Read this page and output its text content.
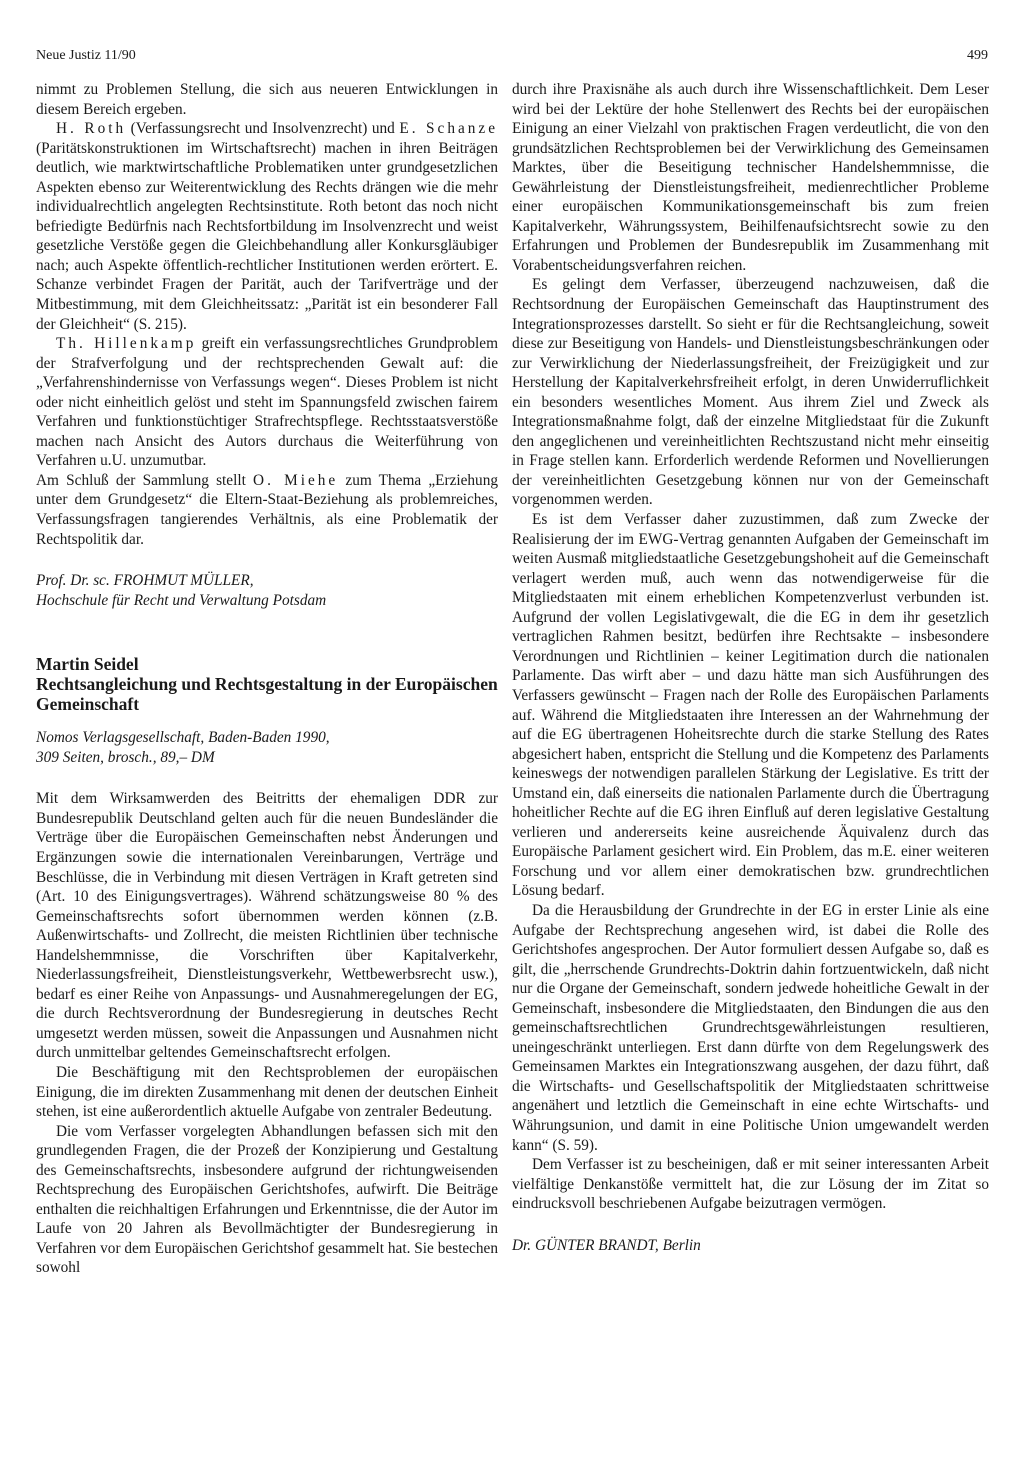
Neue Justiz 11/90	499

nimmt zu Problemen Stellung, die sich aus neueren Entwicklungen in diesem Bereich ergeben.

H. Roth (Verfassungsrecht und Insolvenzrecht) und E. Schanze (Paritätskonstruktionen im Wirtschaftsrecht) machen in ihren Beiträgen deutlich, wie marktwirtschaftliche Problematiken unter grundgesetzlichen Aspekten ebenso zur Weiterentwicklung des Rechts drängen wie die mehr individualrechtlich angelegten Rechtsinstitute. Roth betont das noch nicht befriedigte Bedürfnis nach Rechtsfortbildung im Insolvenzrecht und weist gesetzliche Verstöße gegen die Gleichbehandlung aller Konkursgläubiger nach; auch Aspekte öffentlich-rechtlicher Institutionen werden erörtert. E. Schanze verbindet Fragen der Parität, auch der Tarifverträge und der Mitbestimmung, mit dem Gleichheitssatz: „Parität ist ein besonderer Fall der Gleichheit“ (S. 215).

Th. Hillenkamp greift ein verfassungsrechtliches Grundproblem der Strafverfolgung und der rechtsprechenden Gewalt auf: die „Verfahrenshindernisse von Verfassungs wegen“. Dieses Problem ist nicht oder nicht einheitlich gelöst und steht im Spannungsfeld zwischen fairem Verfahren und funktionstüchtiger Strafrechtspflege. Rechtsstaatsverstöße machen nach Ansicht des Autors durchaus die Weiterführung von Verfahren u.U. unzumutbar.

Am Schluß der Sammlung stellt O. Miehe zum Thema „Erziehung unter dem Grundgesetz“ die Eltern-Staat-Beziehung als problemreiches, Verfassungsfragen tangierendes Verhältnis, als eine Problematik der Rechtspolitik dar.

Prof. Dr. sc. FROHMUT MÜLLER,

Hochschule für Recht und Verwaltung Potsdam

Martin Seidel
Rechtsangleichung und Rechtsgestaltung in der Europäischen Gemeinschaft

Nomos Verlagsgesellschaft, Baden-Baden 1990,

309 Seiten, brosch., 89,– DM

Mit dem Wirksamwerden des Beitritts der ehemaligen DDR zur Bundesrepublik Deutschland gelten auch für die neuen Bundesländer die Verträge über die Europäischen Gemeinschaften nebst Änderungen und Ergänzungen sowie die internationalen Vereinbarungen, Verträge und Beschlüsse, die in Verbindung mit diesen Verträgen in Kraft getreten sind (Art. 10 des Einigungsvertrages). Während schätzungsweise 80 % des Gemeinschaftsrechts sofort übernommen werden können (z.B. Außenwirtschafts- und Zollrecht, die meisten Richtlinien über technische Handelshemmnisse, die Vorschriften über Kapitalverkehr, Niederlassungsfreiheit, Dienstleistungsverkehr, Wettbewerbsrecht usw.), bedarf es einer Reihe von Anpassungs- und Ausnahmeregelungen der EG, die durch Rechtsverordnung der Bundesregierung in deutsches Recht umgesetzt werden müssen, soweit die Anpassungen und Ausnahmen nicht durch unmittelbar geltendes Gemeinschaftsrecht erfolgen.

Die Beschäftigung mit den Rechtsproblemen der europäischen Einigung, die im direkten Zusammenhang mit denen der deutschen Einheit stehen, ist eine außerordentlich aktuelle Aufgabe von zentraler Bedeutung.

Die vom Verfasser vorgelegten Abhandlungen befassen sich mit den grundlegenden Fragen, die der Prozeß der Konzipierung und Gestaltung des Gemeinschaftsrechts, insbesondere aufgrund der richtungweisenden Rechtsprechung des Europäischen Gerichtshofes, aufwirft. Die Beiträge enthalten die reichhaltigen Erfahrungen und Erkenntnisse, die der Autor im Laufe von 20 Jahren als Bevollmächtigter der Bundesregierung in Verfahren vor dem Europäischen Gerichtshof gesammelt hat. Sie bestechen sowohl

durch ihre Praxisnähe als auch durch ihre Wissenschaftlichkeit. Dem Leser wird bei der Lektüre der hohe Stellenwert des Rechts bei der europäischen Einigung an einer Vielzahl von praktischen Fragen verdeutlicht, die von den grundsätzlichen Rechtsproblemen bei der Verwirklichung des Gemeinsamen Marktes, über die Beseitigung technischer Handelshemmnisse, die Gewährleistung der Dienstleistungsfreiheit, medienrechtlicher Probleme einer europäischen Kommunikationsgemeinschaft bis zum freien Kapitalverkehr, Währungssystem, Beihilfenaufsichtsrecht sowie zu den Erfahrungen und Problemen der Bundesrepublik im Zusammenhang mit Vorabentscheidungsverfahren reichen.

Es gelingt dem Verfasser, überzeugend nachzuweisen, daß die Rechtsordnung der Europäischen Gemeinschaft das Hauptinstrument des Integrationsprozesses darstellt. So sieht er für die Rechtsangleichung, soweit diese zur Beseitigung von Handels- und Dienstleistungsbeschränkungen oder zur Verwirklichung der Niederlassungsfreiheit, der Freizügigkeit und zur Herstellung der Kapitalverkehrsfreiheit erfolgt, in deren Unwiderruflichkeit ein besonders wesentliches Moment. Aus ihrem Ziel und Zweck als Integrationsmaßnahme folgt, daß der einzelne Mitgliedstaat für die Zukunft den angeglichenen und vereinheitlichten Rechtszustand nicht mehr einseitig in Frage stellen kann. Erforderlich werdende Reformen und Novellierungen der vereinheitlichten Gesetzgebung können nur von der Gemeinschaft vorgenommen werden.

Es ist dem Verfasser daher zuzustimmen, daß zum Zwecke der Realisierung der im EWG-Vertrag genannten Aufgaben der Gemeinschaft im weiten Ausmaß mitgliedstaatliche Gesetzgebungshoheit auf die Gemeinschaft verlagert werden muß, auch wenn das notwendigerweise für die Mitgliedstaaten mit einem erheblichen Kompetenzverlust verbunden ist. Aufgrund der vollen Legislativgewalt, die die EG in dem ihr gesetzlich vertraglichen Rahmen besitzt, bedürfen ihre Rechtsakte – insbesondere Verordnungen und Richtlinien – keiner Legitimation durch die nationalen Parlamente. Das wirft aber – und dazu hätte man sich Ausführungen des Verfassers gewünscht – Fragen nach der Rolle des Europäischen Parlaments auf. Während die Mitgliedstaaten ihre Interessen an der Wahrnehmung der auf die EG übertragenen Hoheitsrechte durch die starke Stellung des Rates abgesichert haben, entspricht die Stellung und die Kompetenz des Parlaments keineswegs der notwendigen parallelen Stärkung der Legislative. Es tritt der Umstand ein, daß einerseits die nationalen Parlamente durch die Übertragung hoheitlicher Rechte auf die EG ihren Einfluß auf deren legislative Gestaltung verlieren und andererseits keine ausreichende Äquivalenz durch das Europäische Parlament gesichert wird. Ein Problem, das m.E. einer weiteren Forschung und vor allem einer demokratischen bzw. grundrechtlichen Lösung bedarf.

Da die Herausbildung der Grundrechte in der EG in erster Linie als eine Aufgabe der Rechtsprechung angesehen wird, ist dabei die Rolle des Gerichtshofes angesprochen. Der Autor formuliert dessen Aufgabe so, daß es gilt, die „herrschende Grundrechts-Doktrin dahin fortzuentwickeln, daß nicht nur die Organe der Gemeinschaft, sondern jedwede hoheitliche Gewalt in der Gemeinschaft, insbesondere die Mitgliedstaaten, den Bindungen die aus den gemeinschaftsrechtlichen Grundrechtsgewährleistungen resultieren, uneingeschränkt unterliegen. Erst dann dürfte von dem Regelungswerk des Gemeinsamen Marktes ein Integrationszwang ausgehen, der dazu führt, daß die Wirtschafts- und Gesellschaftspolitik der Mitgliedstaaten schrittweise angenähert und letztlich die Gemeinschaft in eine echte Wirtschafts- und Währungsunion, und damit in eine Politische Union umgewandelt werden kann“ (S. 59).

Dem Verfasser ist zu bescheinigen, daß er mit seiner interessanten Arbeit vielfältige Denkanstöße vermittelt hat, die zur Lösung der im Zitat so eindrucksvoll beschriebenen Aufgabe beizutragen vermögen.

Dr. GÜNTER BRANDT, Berlin
